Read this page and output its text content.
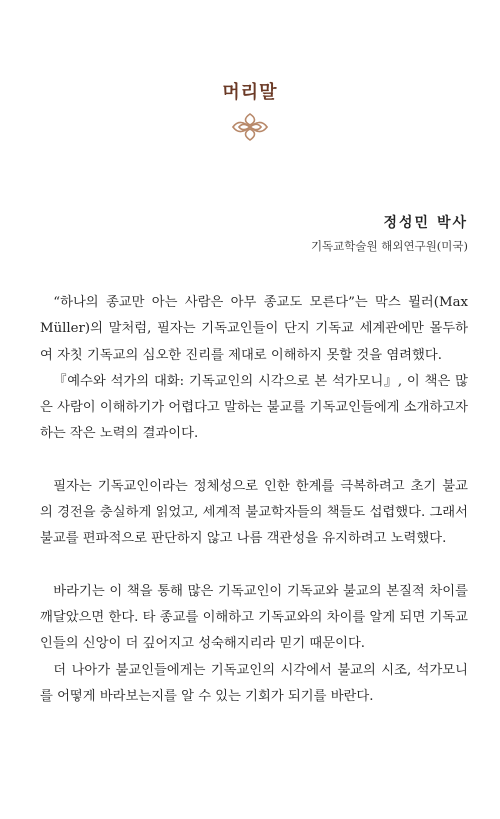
머리말
정성민 박사
기독교학술원 해외연구원(미국)

“하나의 종교만 아는 사람은 아무 종교도 모른다”는 막스 뮐러(Max Müller)의 말처럼, 필자는 기독교인들이 단지 기독교 세계관에만 몰두하여 자칫 기독교의 심오한 진리를 제대로 이해하지 못할 것을 염려했다.

『예수와 석가의 대화: 기독교인의 시각으로 본 석가모니』, 이 책은 많은 사람이 이해하기가 어렵다고 말하는 불교를 기독교인들에게 소개하고자 하는 작은 노력의 결과이다.

필자는 기독교인이라는 정체성으로 인한 한계를 극복하려고 초기 불교의 경전을 충실하게 읽었고, 세계적 불교학자들의 책들도 섭렵했다. 그래서 불교를 편파적으로 판단하지 않고 나름 객관성을 유지하려고 노력했다.

바라기는 이 책을 통해 많은 기독교인이 기독교와 불교의 본질적 차이를 깨달았으면 한다. 타 종교를 이해하고 기독교와의 차이를 알게 되면 기독교인들의 신앙이 더 깊어지고 성숙해지리라 믿기 때문이다.

더 나아가 불교인들에게는 기독교인의 시각에서 불교의 시조, 석가모니를 어떻게 바라보는지를 알 수 있는 기회가 되기를 바란다.
